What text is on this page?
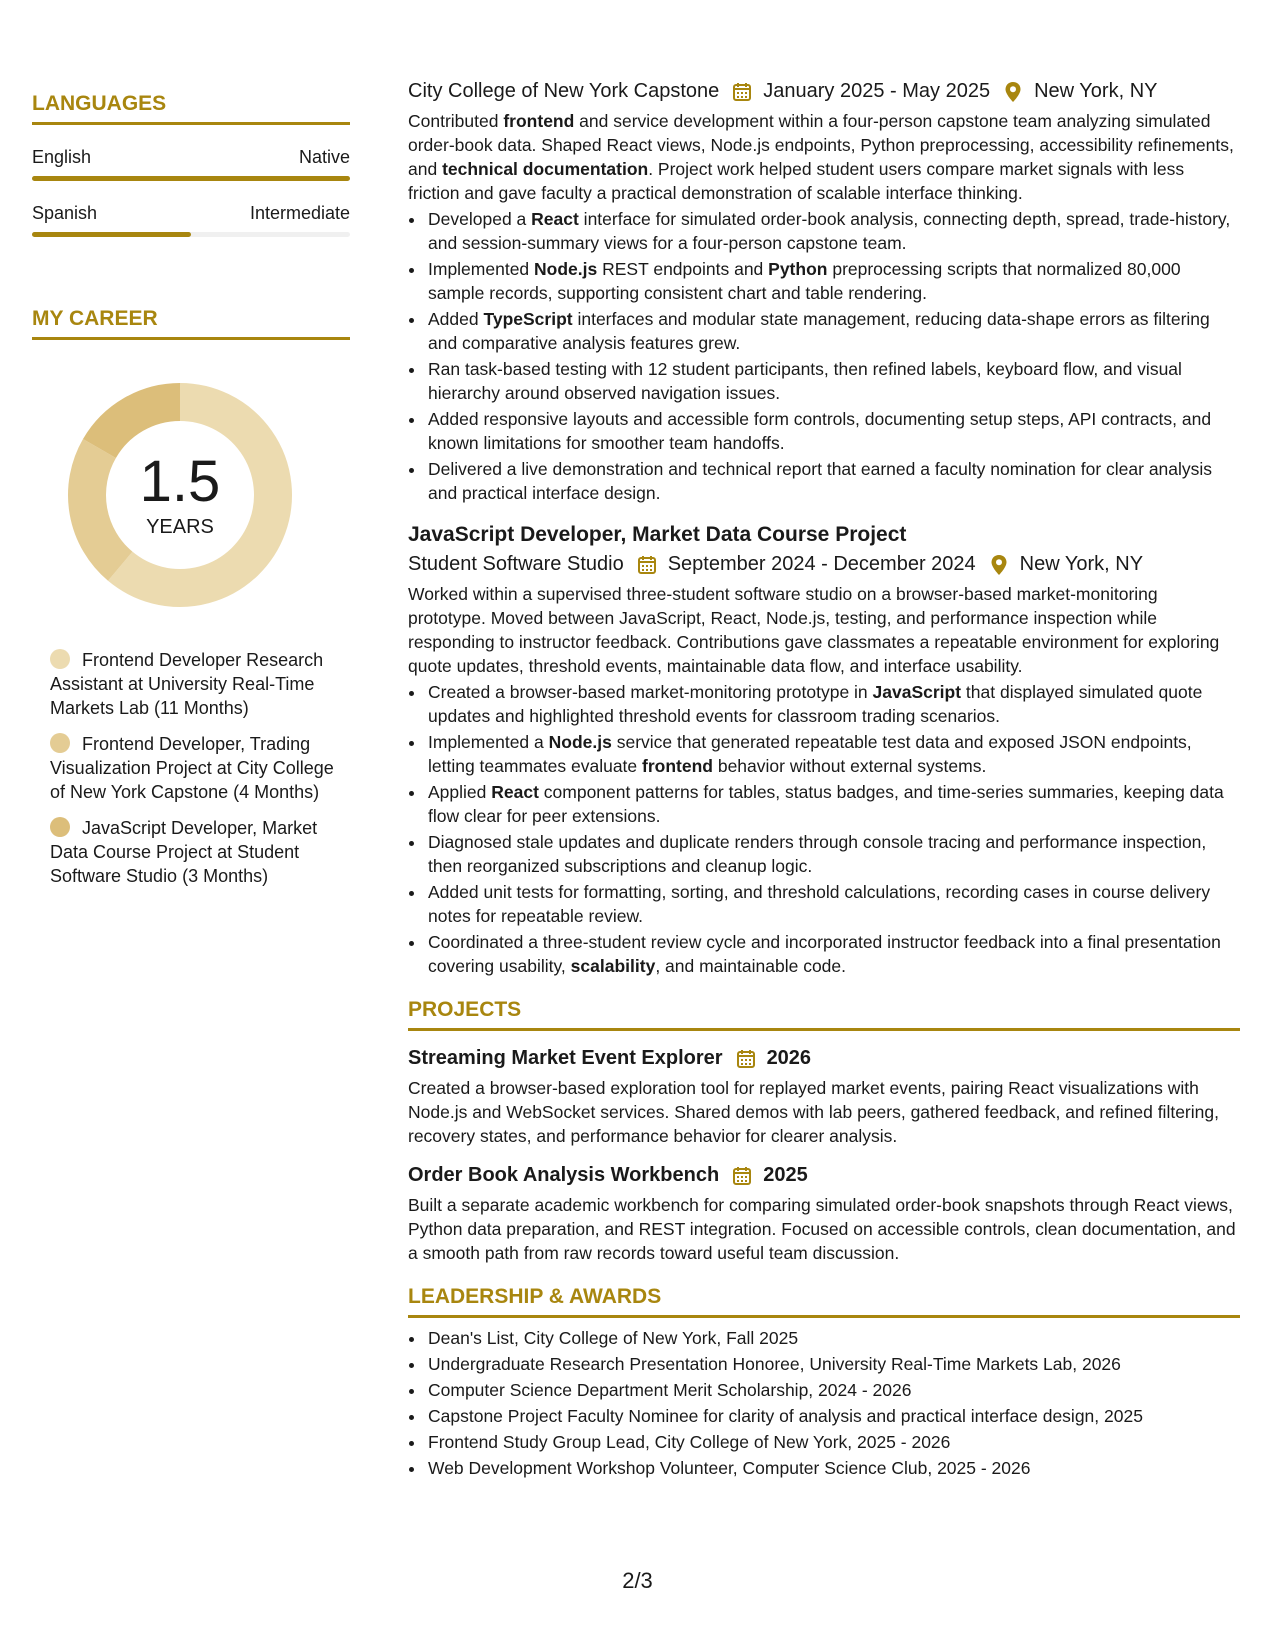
LANGUAGES
English	Native
Spanish	Intermediate
MY CAREER
1.5
YEARS
Frontend Developer Research Assistant at University Real-Time Markets Lab (11 Months)
Frontend Developer, Trading Visualization Project at City College of New York Capstone (4 Months)
JavaScript Developer, Market Data Course Project at Student Software Studio (3 Months)
City College of New York Capstone January 2025 - May 2025 New York, NY

Contributed frontend and service development within a four-person capstone team analyzing simulated order-book data. Shaped React views, Node.js endpoints, Python preprocessing, accessibility refinements, and technical documentation. Project work helped student users compare market signals with less friction and gave faculty a practical demonstration of scalable interface thinking.

• Developed a React interface for simulated order-book analysis, connecting depth, spread, trade-history, and session-summary views for a four-person capstone team.
• Implemented Node.js REST endpoints and Python preprocessing scripts that normalized 80,000 sample records, supporting consistent chart and table rendering.
• Added TypeScript interfaces and modular state management, reducing data-shape errors as filtering and comparative analysis features grew.
• Ran task-based testing with 12 student participants, then refined labels, keyboard flow, and visual hierarchy around observed navigation issues.
• Added responsive layouts and accessible form controls, documenting setup steps, API contracts, and known limitations for smoother team handoffs.
• Delivered a live demonstration and technical report that earned a faculty nomination for clear analysis and practical interface design.
JavaScript Developer, Market Data Course Project
Student Software Studio September 2024 - December 2024 New York, NY

Worked within a supervised three-student software studio on a browser-based market-monitoring prototype. Moved between JavaScript, React, Node.js, testing, and performance inspection while responding to instructor feedback. Contributions gave classmates a repeatable environment for exploring quote updates, threshold events, maintainable data flow, and interface usability.

• Created a browser-based market-monitoring prototype in JavaScript that displayed simulated quote updates and highlighted threshold events for classroom trading scenarios.
• Implemented a Node.js service that generated repeatable test data and exposed JSON endpoints, letting teammates evaluate frontend behavior without external systems.
• Applied React component patterns for tables, status badges, and time-series summaries, keeping data flow clear for peer extensions.
• Diagnosed stale updates and duplicate renders through console tracing and performance inspection, then reorganized subscriptions and cleanup logic.
• Added unit tests for formatting, sorting, and threshold calculations, recording cases in course delivery notes for repeatable review.
• Coordinated a three-student review cycle and incorporated instructor feedback into a final presentation covering usability, scalability, and maintainable code.
PROJECTS
Streaming Market Event Explorer 2026

Created a browser-based exploration tool for replayed market events, pairing React visualizations with Node.js and WebSocket services. Shared demos with lab peers, gathered feedback, and refined filtering, recovery states, and performance behavior for clearer analysis.

Order Book Analysis Workbench 2025

Built a separate academic workbench for comparing simulated order-book snapshots through React views, Python data preparation, and REST integration. Focused on accessible controls, clean documentation, and a smooth path from raw records toward useful team discussion.

LEADERSHIP & AWARDS
• Dean's List, City College of New York, Fall 2025
• Undergraduate Research Presentation Honoree, University Real-Time Markets Lab, 2026
• Computer Science Department Merit Scholarship, 2024 - 2026
• Capstone Project Faculty Nominee for clarity of analysis and practical interface design, 2025
• Frontend Study Group Lead, City College of New York, 2025 - 2026
• Web Development Workshop Volunteer, Computer Science Club, 2025 - 2026
2/3
